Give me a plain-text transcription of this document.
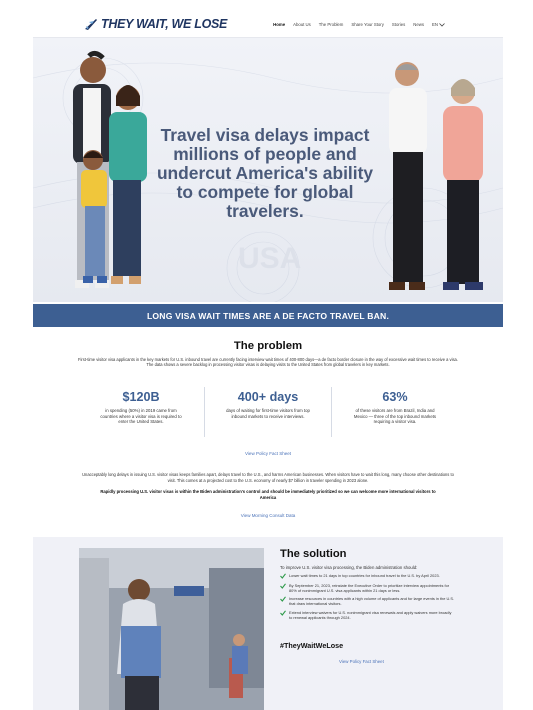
THEY WAIT, WE LOSE	Home About Us The Problem Share Your Story Stories News EN
USA
Travel visa delays impact millions of people and undercut America's ability to compete for global travelers.
LONG VISA WAIT TIMES ARE A DE FACTO TRAVEL BAN.
The problem
First-time visitor visa applicants in the key markets for U.S. inbound travel are currently facing interview wait times of 400-800 days—a de facto border closure in the way of excessive wait times to receive a visa. The data shows a severe backlog in processing visitor visas is delaying visits to the United States from global travelers in key markets.
$120B
in spending (50%) in 2019 came from countries where a visitor visa is required to enter the United States.
400+ days
days of waiting for first-time visitors from top inbound markets to receive interviews.
63%
of these visitors are from Brazil, India and Mexico — three of the top inbound markets requiring a visitor visa.
View Policy Fact Sheet
Unacceptably long delays in issuing U.S. visitor visas keeps families apart, delays travel to the U.S., and harms American businesses. When visitors have to wait this long, many choose other destinations to visit. This comes at a projected cost to the U.S. economy of nearly $7 billion in traveler spending in 2023 alone.
Rapidly processing U.S. visitor visas is within the Biden administration's control and should be immediately prioritized so we can welcome more international visitors to America
View Morning Consult Data
The solution
To improve U.S. visitor visa processing, the Biden administration should:
Lower wait times to 21 days in top countries for inbound travel to the U.S. by April 2023.
By September 21, 2023, reinstate the Executive Order to prioritize interview appointments for 80% of nonimmigrant U.S. visa applicants within 21 days or less.
Increase resources in countries with a high volume of applicants and for large events in the U.S. that draw international visitors.
Extend interview waivers for U.S. nonimmigrant visa renewals and apply waivers more broadly to renewal applicants through 2024.
#TheyWaitWeLose
View Policy Fact Sheet
